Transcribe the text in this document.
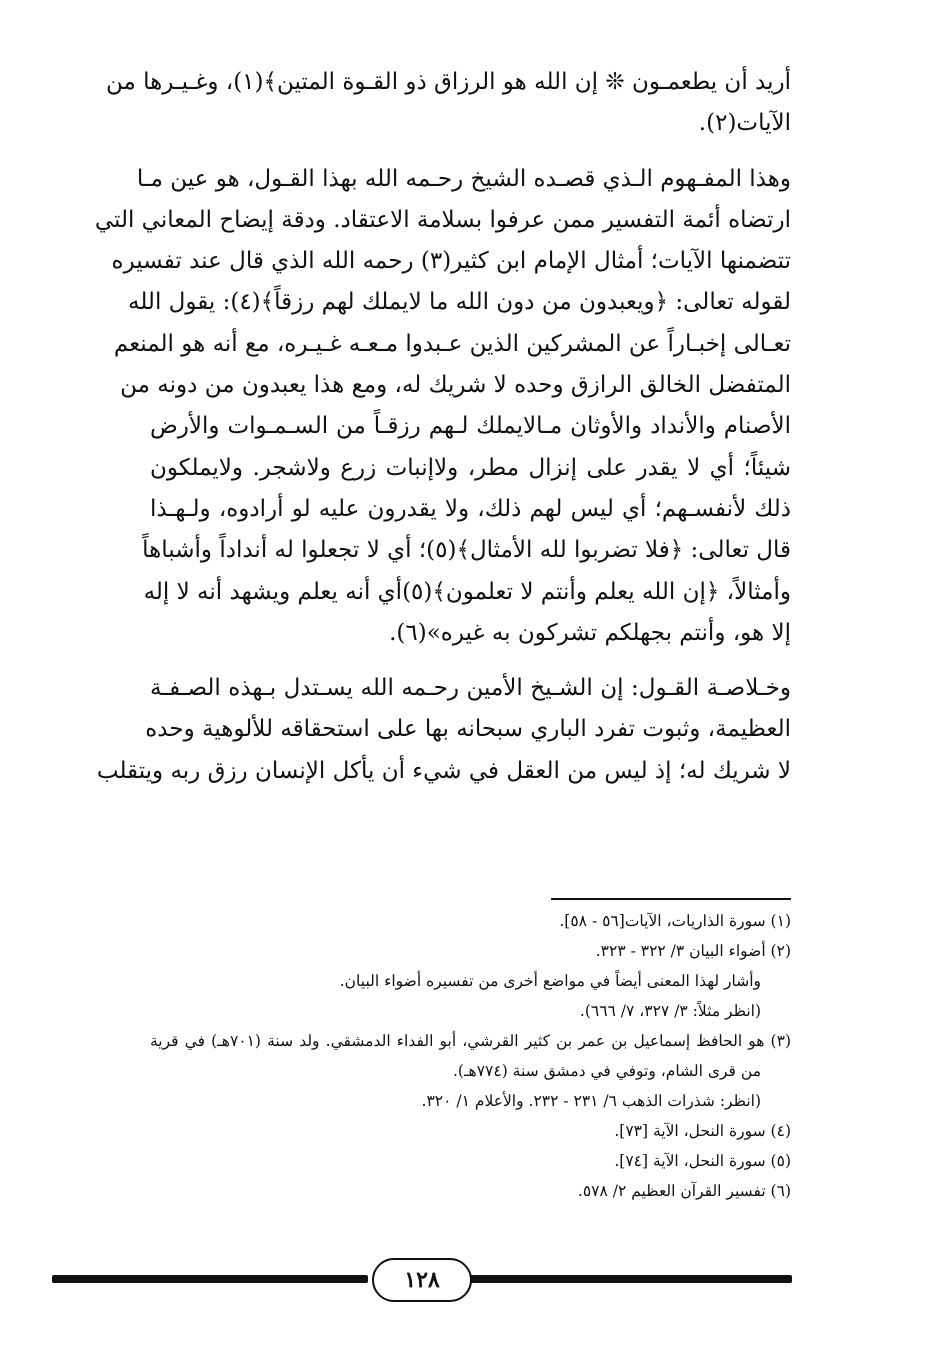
أريد أن يطعمـون ❊ إن الله هو الرزاق ذو القـوة المتين﴾(١)، وغـيـرها من
الآيات(٢).
وهذا المفـهوم الـذي قصـده الشيخ رحـمه الله بهذا القـول، هو عين مـا
ارتضاه أئمة التفسير ممن عرفوا بسلامة الاعتقاد. ودقة إيضاح المعاني التي
تتضمنها الآيات؛ أمثال الإمام ابن كثير(٣) رحمه الله الذي قال عند تفسيره
لقوله تعالى: ﴿ويعبدون من دون الله ما لايملك لهم رزقاً﴾(٤): يقول الله
تعـالى إخبـاراً عن المشركين الذين عـبدوا مـعـه غـيـره، مع أنه هو المنعم
المتفضل الخالق الرازق وحده لا شريك له، ومع هذا يعبدون من دونه من
الأصنام والأنداد والأوثان مـالايملك لـهم رزقـاً من السـمـوات والأرض
شيئاً؛ أي لا يقدر على إنزال مطر، ولاإنبات زرع ولاشجر. ولايملكون
ذلك لأنفسـهم؛ أي ليس لهم ذلك، ولا يقدرون عليه لو أرادوه، ولـهـذا
قال تعالى: ﴿فلا تضربوا لله الأمثال﴾(٥)؛ أي لا تجعلوا له أنداداً وأشباهاً
وأمثالاً، ﴿إن الله يعلم وأنتم لا تعلمون﴾(٥)أي أنه يعلم ويشهد أنه لا إله
إلا هو، وأنتم بجهلكم تشركون به غيره»(٦).
وخـلاصـة القـول: إن الشـيخ الأمين رحـمه الله يسـتدل بـهذه الصـفـة
العظيمة، وثبوت تفرد الباري سبحانه بها على استحقاقه للألوهية وحده
لا شريك له؛ إذ ليس من العقل في شيء أن يأكل الإنسان رزق ربه ويتقلب
(١) سورة الذاريات، الآيات[٥٦ - ٥٨].
(٢) أضواء البيان ٣/ ٣٢٢ - ٣٢٣.
وأشار لهذا المعنى أيضاً في مواضع أخرى من تفسيره أضواء البيان.
(انظر مثلاً: ٣/ ٣٢٧، ٧/ ٦٦٦).
(٣) هو الحافظ إسماعيل بن عمر بن كثير القرشي، أبو الفداء الدمشقي. ولد سنة (٧٠١هـ) في قرية
من قرى الشام، وتوفي في دمشق سنة (٧٧٤هـ).
(انظر: شذرات الذهب ٦/ ٢٣١ - ٢٣٢. والأعلام ١/ ٣٢٠.
(٤) سورة النحل، الآية [٧٣].
(٥) سورة النحل، الآية [٧٤].
(٦) تفسير القرآن العظيم ٢/ ٥٧٨.
١٢٨
